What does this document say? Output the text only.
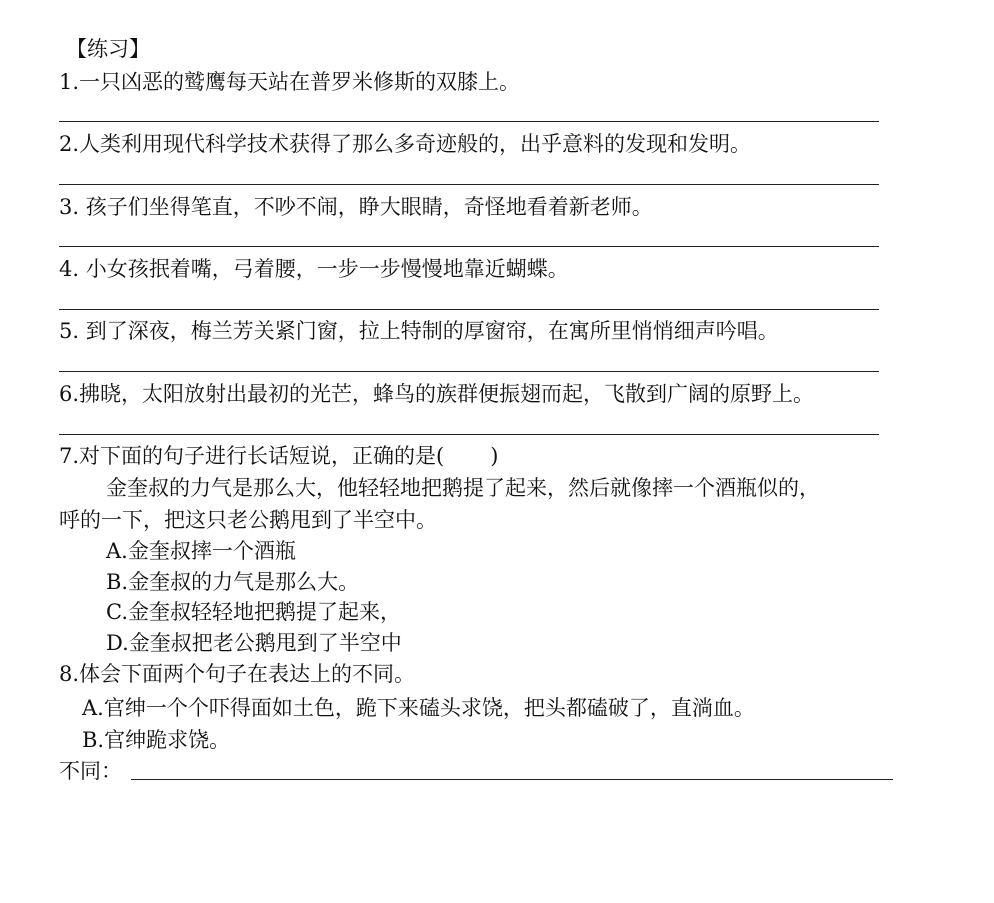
【练习】
1.一只凶恶的鹫鹰每天站在普罗米修斯的双膝上。
2.人类利用现代科学技术获得了那么多奇迹般的，出乎意料的发现和发明。
3. 孩子们坐得笔直，不吵不闹，睁大眼睛，奇怪地看着新老师。
4. 小女孩抿着嘴，弓着腰，一步一步慢慢地靠近蝴蝶。
5. 到了深夜，梅兰芳关紧门窗，拉上特制的厚窗帘，在寓所里悄悄细声吟唱。
6.拂晓，太阳放射出最初的光芒，蜂鸟的族群便振翅而起，飞散到广阔的原野上。
7.对下面的句子进行长话短说，正确的是( )
金奎叔的力气是那么大，他轻轻地把鹅提了起来，然后就像摔一个酒瓶似的，
呼的一下，把这只老公鹅甩到了半空中。
A.金奎叔摔一个酒瓶
B.金奎叔的力气是那么大。
C.金奎叔轻轻地把鹅提了起来，
D.金奎叔把老公鹅甩到了半空中
8.体会下面两个句子在表达上的不同。
A.官绅一个个吓得面如土色，跪下来磕头求饶，把头都磕破了，直淌血。
B.官绅跪求饶。
不同：
